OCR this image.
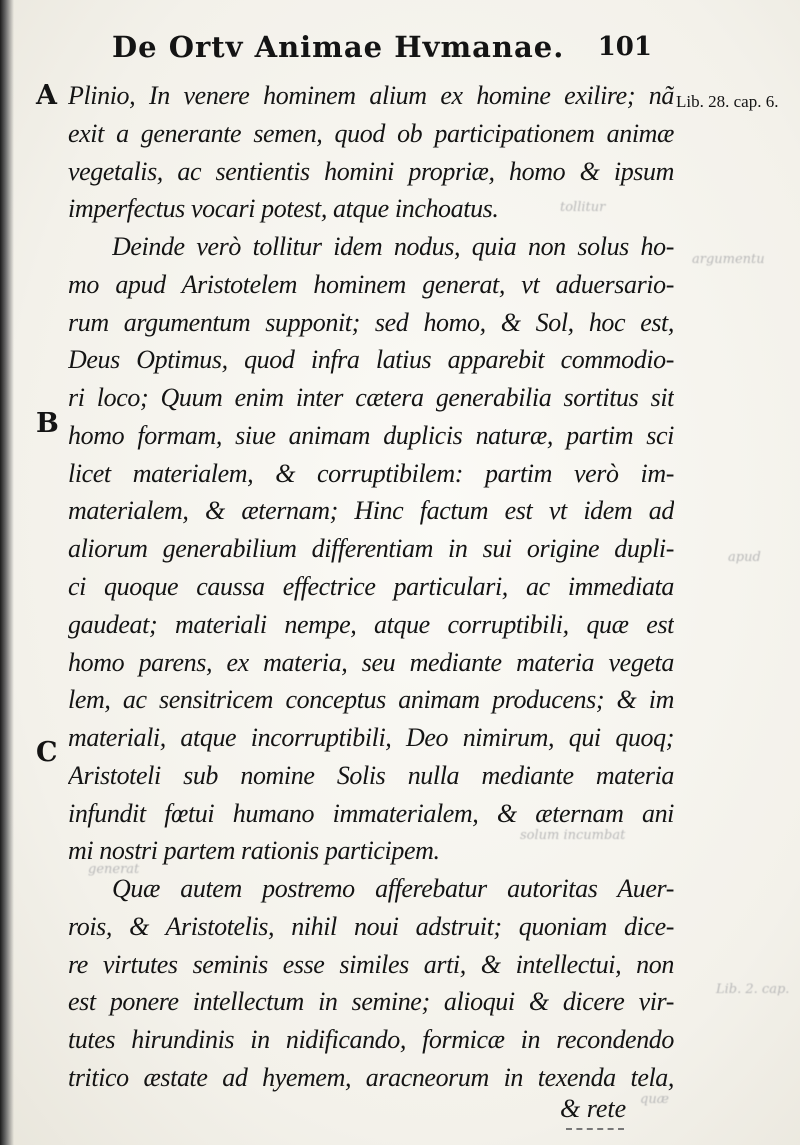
tollitur
argumentu
solum incumbat
Lib. 2. cap.
apud
quæ
generat
De Ortv Animae Hvmanae. 101
A
B
C
Lib. 28. cap. 6.
Plinio, In venere hominem alium ex homine exilire; nã
exit a generante semen, quod ob participationem animæ
vegetalis, ac sentientis homini propriæ, homo & ipsum
imperfectus vocari potest, atque inchoatus.
Deinde verò tollitur idem nodus, quia non solus ho-
mo apud Aristotelem hominem generat, vt aduersario-
rum argumentum supponit; sed homo, & Sol, hoc est,
Deus Optimus, quod infra latius apparebit commodio-
ri loco; Quum enim inter cætera generabilia sortitus sit
homo formam, siue animam duplicis naturæ, partim sci
licet materialem, & corruptibilem: partim verò im-
materialem, & æternam; Hinc factum est vt idem ad
aliorum generabilium differentiam in sui origine dupli-
ci quoque caussa effectrice particulari, ac immediata
gaudeat; materiali nempe, atque corruptibili, quæ est
homo parens, ex materia, seu mediante materia vegeta
lem, ac sensitricem conceptus animam producens; & im
materiali, atque incorruptibili, Deo nimirum, qui quoq;
Aristoteli sub nomine Solis nulla mediante materia
infundit fœtui humano immaterialem, & æternam ani
mi nostri partem rationis participem.
Quæ autem postremo afferebatur autoritas Auer-
rois, & Aristotelis, nihil noui adstruit; quoniam dice-
re virtutes seminis esse similes arti, & intellectui, non
est ponere intellectum in semine; alioqui & dicere vir-
tutes hirundinis in nidificando, formicæ in recondendo
tritico æstate ad hyemem, aracneorum in texenda tela,
& rete
